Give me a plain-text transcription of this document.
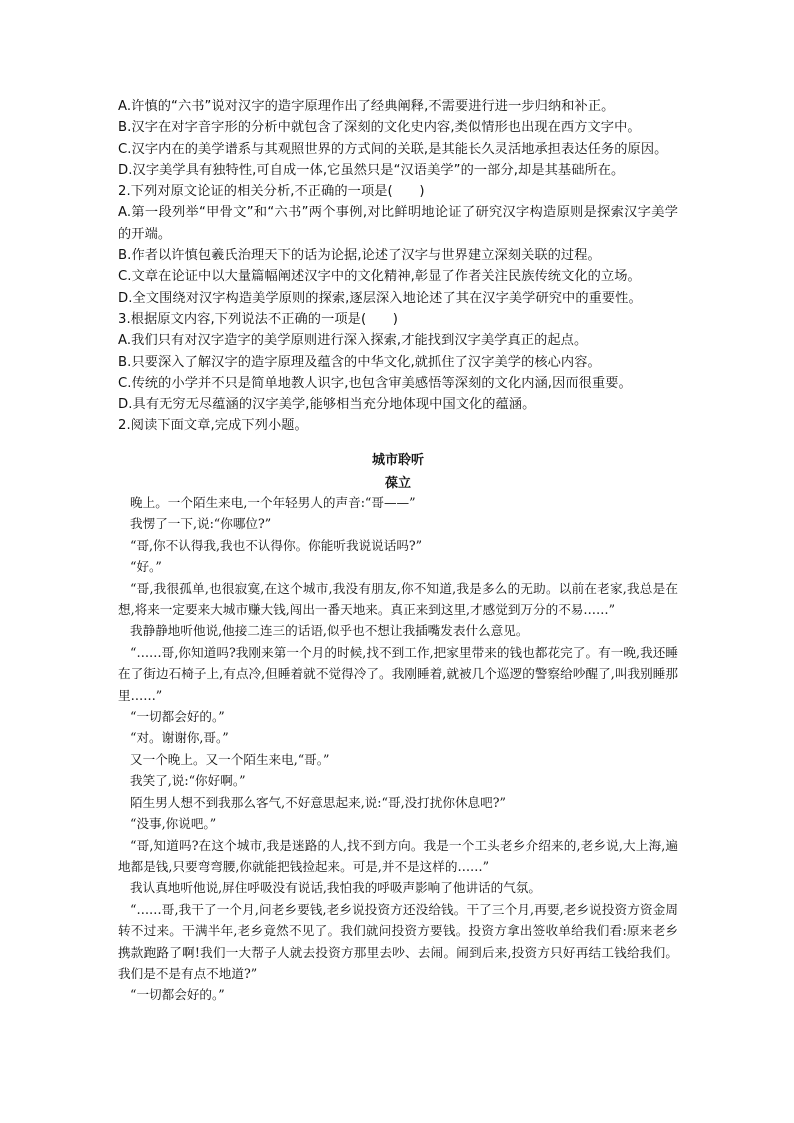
A.许慎的“六书”说对汉字的造字原理作出了经典阐释,不需要进行进一步归纳和补正。

B.汉字在对字音字形的分析中就包含了深刻的文化史内容,类似情形也出现在西方文字中。

C.汉字内在的美学谱系与其观照世界的方式间的关联,是其能长久灵活地承担表达任务的原因。

D.汉字美学具有独特性,可自成一体,它虽然只是“汉语美学”的一部分,却是其基础所在。

2.下列对原文论证的相关分析,不正确的一项是(　　)

A.第一段列举“甲骨文”和“六书”两个事例,对比鲜明地论证了研究汉字构造原则是探索汉字美学的开端。

B.作者以许慎包羲氏治理天下的话为论据,论述了汉字与世界建立深刻关联的过程。

C.文章在论证中以大量篇幅阐述汉字中的文化精神,彰显了作者关注民族传统文化的立场。

D.全文围绕对汉字构造美学原则的探索,逐层深入地论述了其在汉字美学研究中的重要性。

3.根据原文内容,下列说法不正确的一项是(　　)

A.我们只有对汉字造字的美学原则进行深入探索,才能找到汉字美学真正的起点。

B.只要深入了解汉字的造字原理及蕴含的中华文化,就抓住了汉字美学的核心内容。

C.传统的小学并不只是简单地教人识字,也包含审美感悟等深刻的文化内涵,因而很重要。

D.具有无穷无尽蕴涵的汉字美学,能够相当充分地体现中国文化的蕴涵。

2.阅读下面文章,完成下列小题。

城市聆听
葆立

晚上。一个陌生来电,一个年轻男人的声音:“哥——”

我愣了一下,说:“你哪位?”

“哥,你不认得我,我也不认得你。你能听我说说话吗?”

“好。”

“哥,我很孤单,也很寂寞,在这个城市,我没有朋友,你不知道,我是多么的无助。以前在老家,我总是在想,将来一定要来大城市赚大钱,闯出一番天地来。真正来到这里,才感觉到万分的不易……”

我静静地听他说,他接二连三的话语,似乎也不想让我插嘴发表什么意见。

“……哥,你知道吗?我刚来第一个月的时候,找不到工作,把家里带来的钱也都花完了。有一晚,我还睡在了街边石椅子上,有点冷,但睡着就不觉得冷了。我刚睡着,就被几个巡逻的警察给吵醒了,叫我别睡那里……”

“一切都会好的。”

“对。谢谢你,哥。”

又一个晚上。又一个陌生来电,“哥。”

我笑了,说:“你好啊。”

陌生男人想不到我那么客气,不好意思起来,说:“哥,没打扰你休息吧?”

“没事,你说吧。”

“哥,知道吗?在这个城市,我是迷路的人,找不到方向。我是一个工头老乡介绍来的,老乡说,大上海,遍地都是钱,只要弯弯腰,你就能把钱捡起来。可是,并不是这样的……”

我认真地听他说,屏住呼吸没有说话,我怕我的呼吸声影响了他讲话的气氛。

“……哥,我干了一个月,问老乡要钱,老乡说投资方还没给钱。干了三个月,再要,老乡说投资方资金周转不过来。干满半年,老乡竟然不见了。我们就问投资方要钱。投资方拿出签收单给我们看:原来老乡携款跑路了啊!我们一大帮子人就去投资方那里去吵、去闹。闹到后来,投资方只好再结工钱给我们。我们是不是有点不地道?”

“一切都会好的。”
